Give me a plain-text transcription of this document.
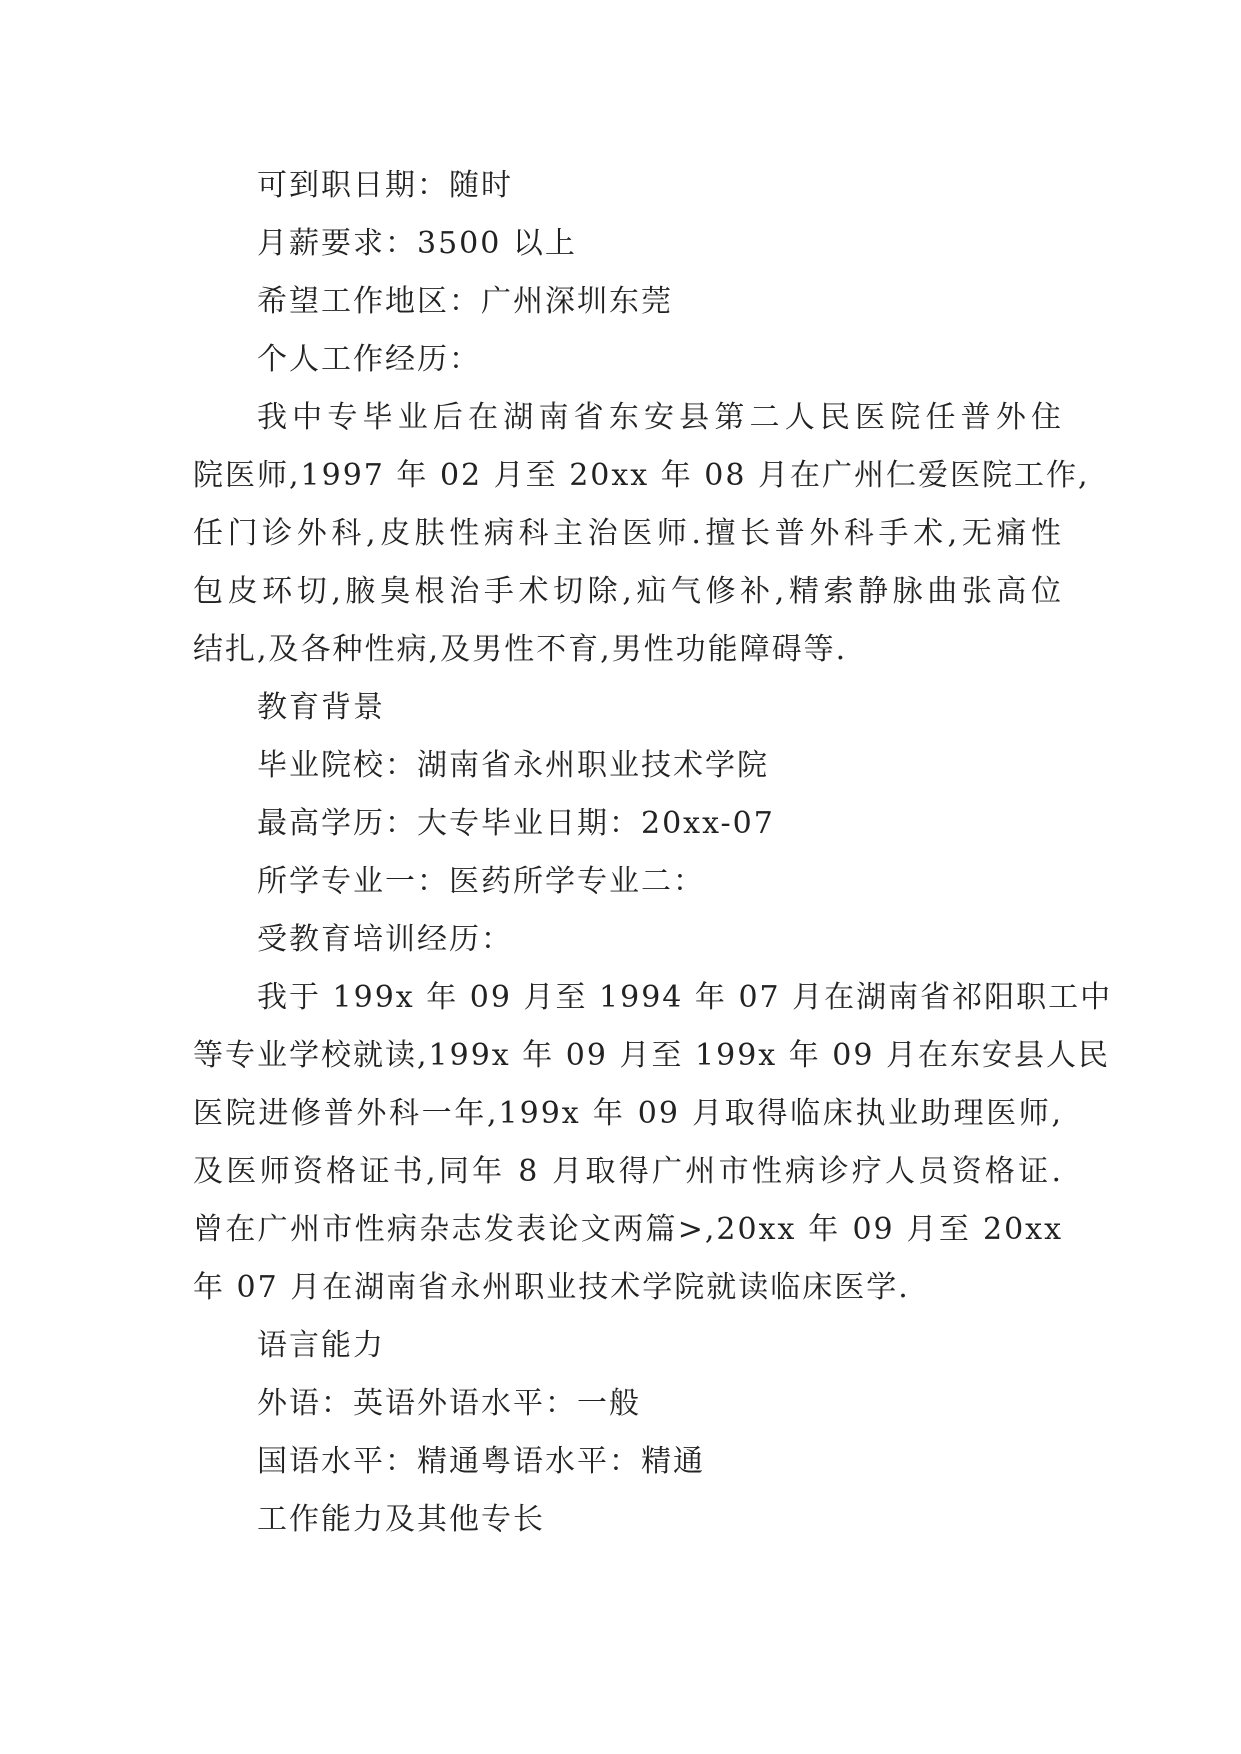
可到职日期：随时
月薪要求：3500 以上
希望工作地区：广州深圳东莞
个人工作经历：
我中专毕业后在湖南省东安县第二人民医院任普外住
院医师,1997 年 02 月至 20xx 年 08 月在广州仁爱医院工作,
任门诊外科,皮肤性病科主治医师.擅长普外科手术,无痛性
包皮环切,腋臭根治手术切除,疝气修补,精索静脉曲张高位
结扎,及各种性病,及男性不育,男性功能障碍等.
教育背景
毕业院校：湖南省永州职业技术学院
最高学历：大专毕业日期：20xx-07
所学专业一：医药所学专业二：
受教育培训经历：
我于 199x 年 09 月至 1994 年 07 月在湖南省祁阳职工中
等专业学校就读,199x 年 09 月至 199x 年 09 月在东安县人民
医院进修普外科一年,199x 年 09 月取得临床执业助理医师,
及医师资格证书,同年 8 月取得广州市性病诊疗人员资格证.
曾在广州市性病杂志发表论文两篇>,20xx 年 09 月至 20xx
年 07 月在湖南省永州职业技术学院就读临床医学.
语言能力
外语：英语外语水平：一般
国语水平：精通粤语水平：精通
工作能力及其他专长
